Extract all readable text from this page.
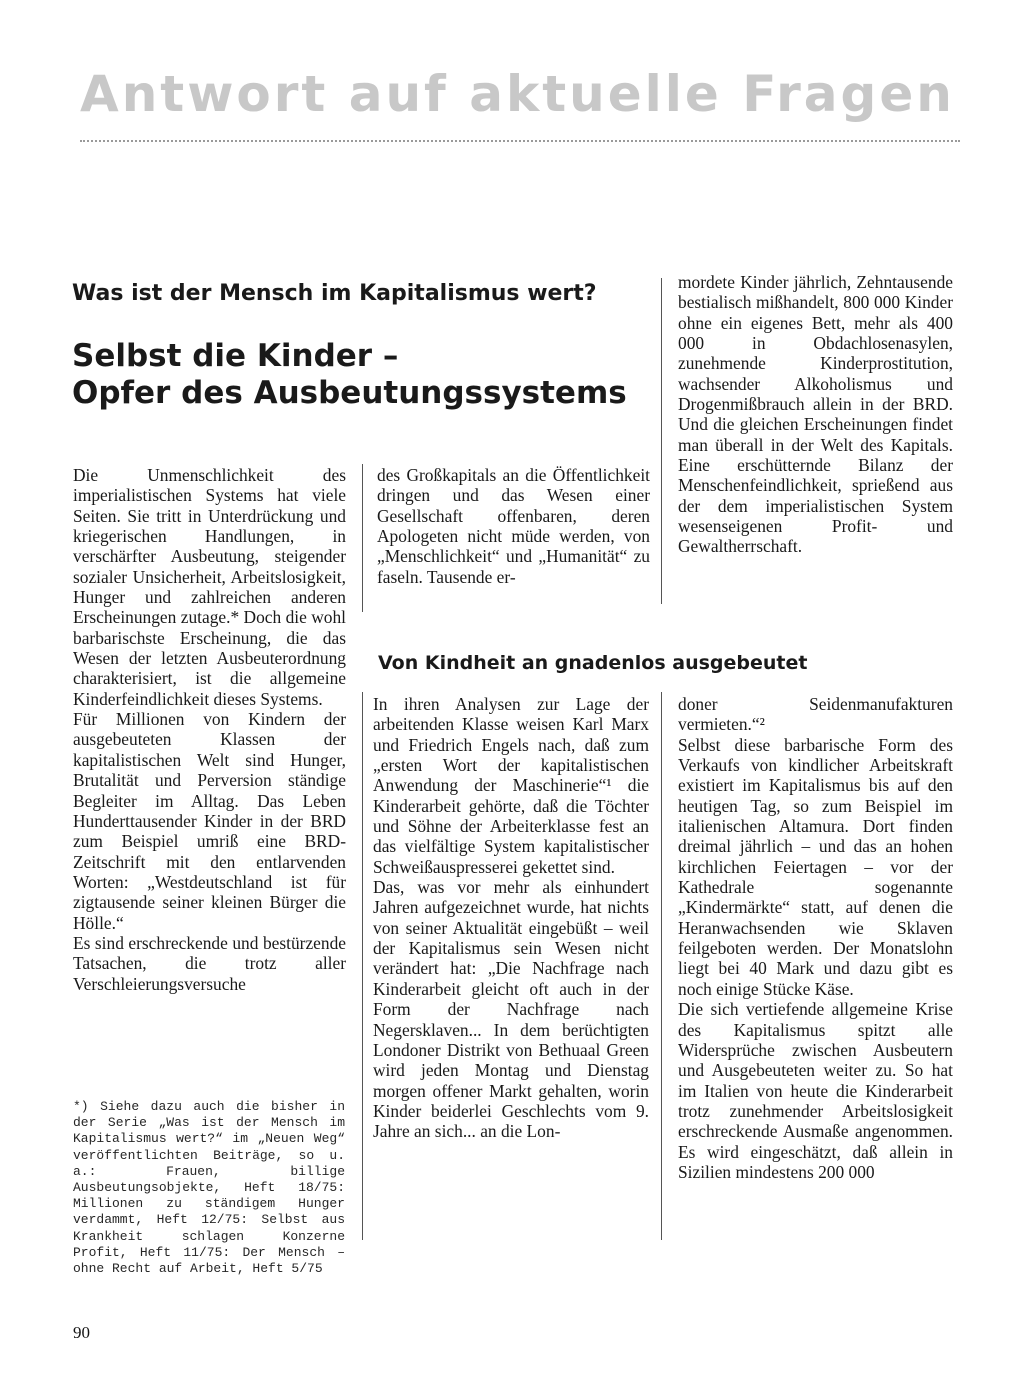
Antwort auf aktuelle Fragen
Was ist der Mensch im Kapitalismus wert?
Selbst die Kinder –
Opfer des Ausbeutungssystems

mordete Kinder jährlich, Zehntausende bestialisch mißhandelt, 800 000 Kinder ohne ein eigenes Bett, mehr als 400 000 in Obdachlosenasylen, zunehmende Kinderprostitution, wachsender Alkoholismus und Drogenmißbrauch allein in der BRD. Und die gleichen Erscheinungen findet man überall in der Welt des Kapitals. Eine erschütternde Bilanz der Menschenfeindlichkeit, sprießend aus der dem imperialistischen System wesenseigenen Profit- und Gewaltherrschaft.

Die Unmenschlichkeit des imperialistischen Systems hat viele Seiten. Sie tritt in Unterdrückung und kriegerischen Handlungen, in verschärfter Ausbeutung, steigender sozialer Unsicherheit, Arbeitslosigkeit, Hunger und zahlreichen anderen Erscheinungen zutage.* Doch die wohl barbarischste Erscheinung, die das Wesen der letzten Ausbeuterordnung charakterisiert, ist die allgemeine Kinderfeindlichkeit dieses Systems.

Für Millionen von Kindern der ausgebeuteten Klassen der kapitalistischen Welt sind Hunger, Brutalität und Perversion ständige Begleiter im Alltag. Das Leben Hunderttausender Kinder in der BRD zum Beispiel umriß eine BRD-Zeitschrift mit den entlarvenden Worten: „Westdeutschland ist für zigtausende seiner kleinen Bürger die Hölle.“

Es sind erschreckende und bestürzende Tatsachen, die trotz aller Verschleierungsversuche

des Großkapitals an die Öffentlichkeit dringen und das Wesen einer Gesellschaft offenbaren, deren Apologeten nicht müde werden, von „Menschlichkeit“ und „Humanität“ zu faseln. Tausende er-

Von Kindheit an gnadenlos ausgebeutet

In ihren Analysen zur Lage der arbeitenden Klasse weisen Karl Marx und Friedrich Engels nach, daß zum „ersten Wort der kapitalistischen Anwendung der Maschinerie“¹ die Kinderarbeit gehörte, daß die Töchter und Söhne der Arbeiterklasse fest an das vielfältige System kapitalistischer Schweißauspresserei gekettet sind.

Das, was vor mehr als einhundert Jahren aufgezeichnet wurde, hat nichts von seiner Aktualität eingebüßt – weil der Kapitalismus sein Wesen nicht verändert hat: „Die Nachfrage nach Kinderarbeit gleicht oft auch in der Form der Nachfrage nach Negersklaven... In dem berüchtigten Londoner Distrikt von Bethuaal Green wird jeden Montag und Dienstag morgen offener Markt gehalten, worin Kinder beiderlei Geschlechts vom 9. Jahre an sich... an die Lon-

doner Seidenmanufakturen vermieten.“²

Selbst diese barbarische Form des Verkaufs von kindlicher Arbeitskraft existiert im Kapitalismus bis auf den heutigen Tag, so zum Beispiel im italienischen Altamura. Dort finden dreimal jährlich – und das an hohen kirchlichen Feiertagen – vor der Kathedrale sogenannte „Kindermärkte“ statt, auf denen die Heranwachsenden wie Sklaven feilgeboten werden. Der Monatslohn liegt bei 40 Mark und dazu gibt es noch einige Stücke Käse.

Die sich vertiefende allgemeine Krise des Kapitalismus spitzt alle Widersprüche zwischen Ausbeutern und Ausgebeuteten weiter zu. So hat im Italien von heute die Kinderarbeit trotz zunehmender Arbeitslosigkeit erschreckende Ausmaße angenommen. Es wird eingeschätzt, daß allein in Sizilien mindestens 200 000

*) Siehe dazu auch die bisher in der Serie „Was ist der Mensch im Kapitalismus wert?“ im „Neuen Weg“ veröffentlichten Beiträge, so u. a.: Frauen, billige Ausbeutungsobjekte, Heft 18/75: Millionen zu ständigem Hunger verdammt, Heft 12/75: Selbst aus Krankheit schlagen Konzerne Profit, Heft 11/75: Der Mensch – ohne Recht auf Arbeit, Heft 5/75

90
